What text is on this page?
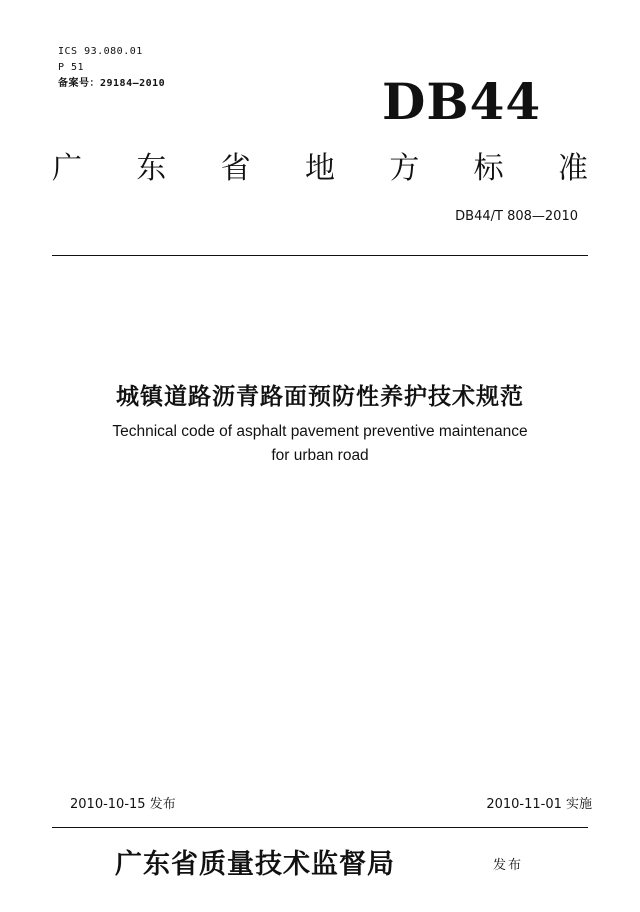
ICS 93.080.01
P 51
备案号：29184—2010	DB44
广 东 省 地 方 标 准
DB44/T 808—2010
城镇道路沥青路面预防性养护技术规范
Technical code of asphalt pavement preventive maintenance
for urban road
2010-10-15 发布	2010-11-01 实施
广东省质量技术监督局	发布
